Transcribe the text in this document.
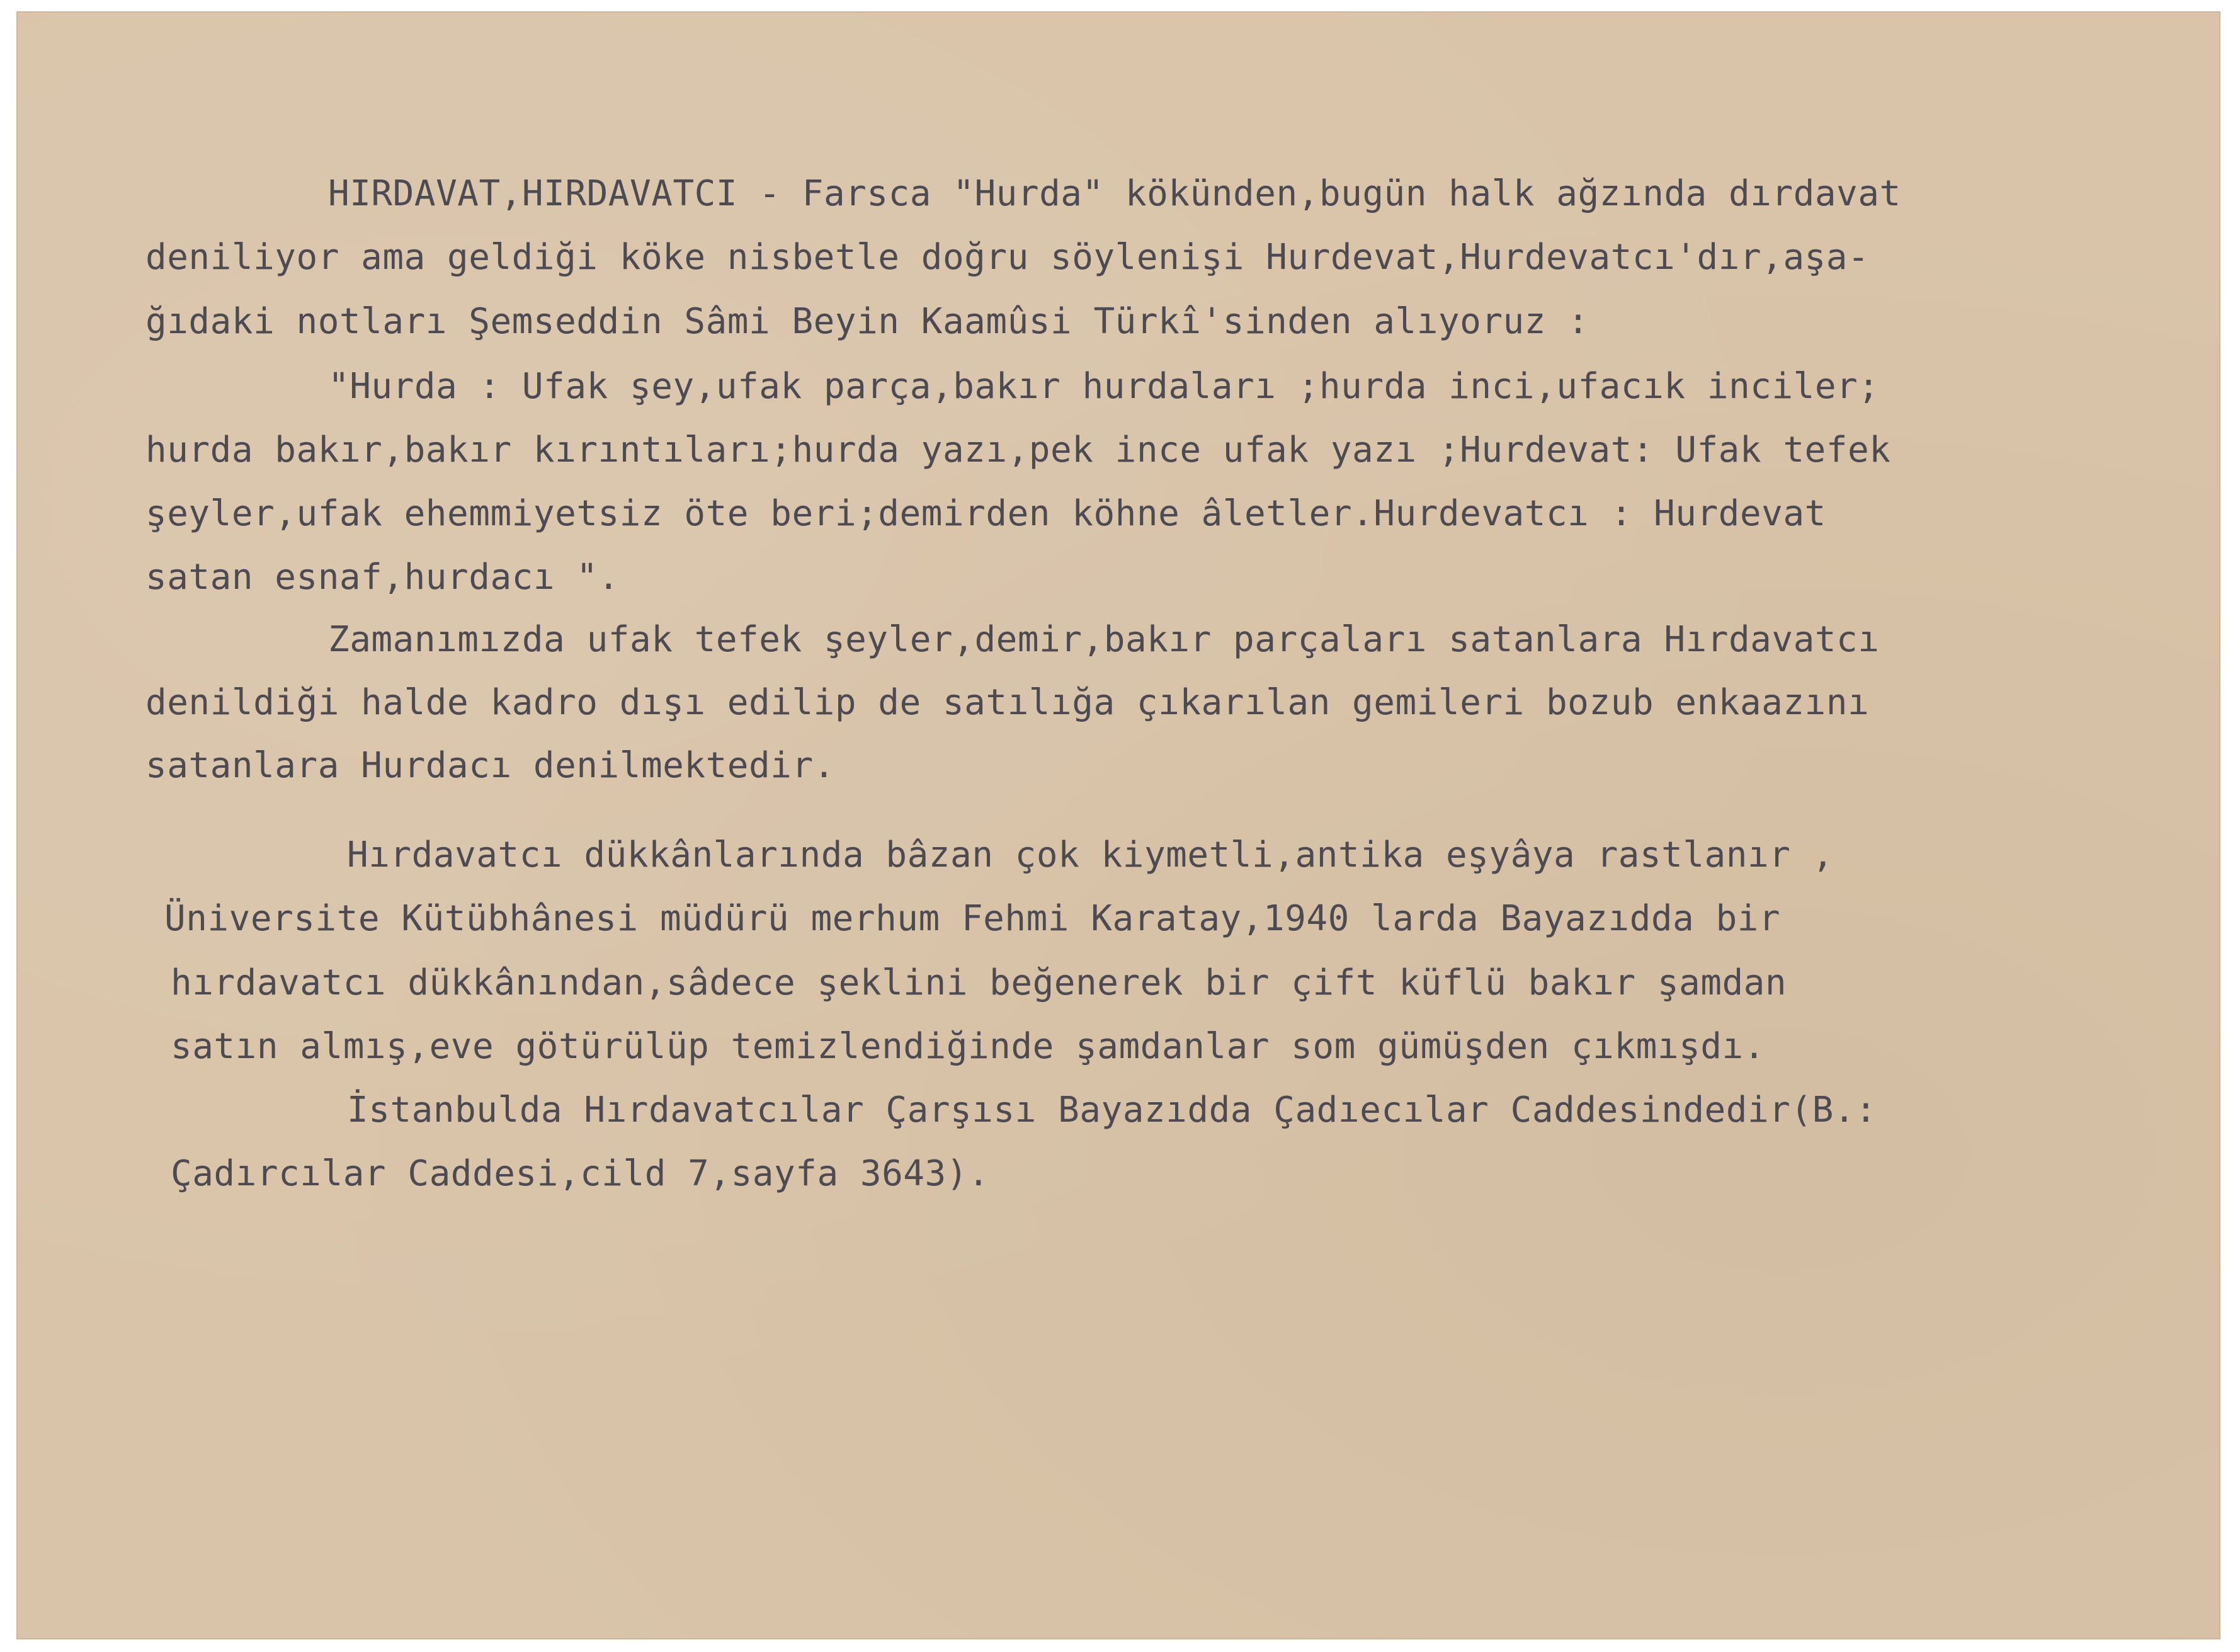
HIRDAVAT,HIRDAVATCI - Farsca "Hurda" kökünden,bugün halk ağzında dırdavat
deniliyor ama geldiği köke nisbetle doğru söylenişi Hurdevat,Hurdevatcı'dır,aşa-
ğıdaki notları Şemseddin Sâmi Beyin Kaamûsi Türkî'sinden alıyoruz :
"Hurda : Ufak şey,ufak parça,bakır hurdaları ;hurda inci,ufacık inciler;
hurda bakır,bakır kırıntıları;hurda yazı,pek ince ufak yazı ;Hurdevat: Ufak tefek
şeyler,ufak ehemmiyetsiz öte beri;demirden köhne âletler.Hurdevatcı : Hurdevat
satan esnaf,hurdacı ".
Zamanımızda ufak tefek şeyler,demir,bakır parçaları satanlara Hırdavatcı
denildiği halde kadro dışı edilip de satılığa çıkarılan gemileri bozub enkaazını
satanlara Hurdacı denilmektedir.
Hırdavatcı dükkânlarında bâzan çok kiymetli,antika eşyâya rastlanır ,
Üniversite Kütübhânesi müdürü merhum Fehmi Karatay,1940 larda Bayazıdda bir
hırdavatcı dükkânından,sâdece şeklini beğenerek bir çift küflü bakır şamdan
satın almış,eve götürülüp temizlendiğinde şamdanlar som gümüşden çıkmışdı.
İstanbulda Hırdavatcılar Çarşısı Bayazıdda Çadıecılar Caddesindedir(B.:
Çadırcılar Caddesi,cild 7,sayfa 3643).
